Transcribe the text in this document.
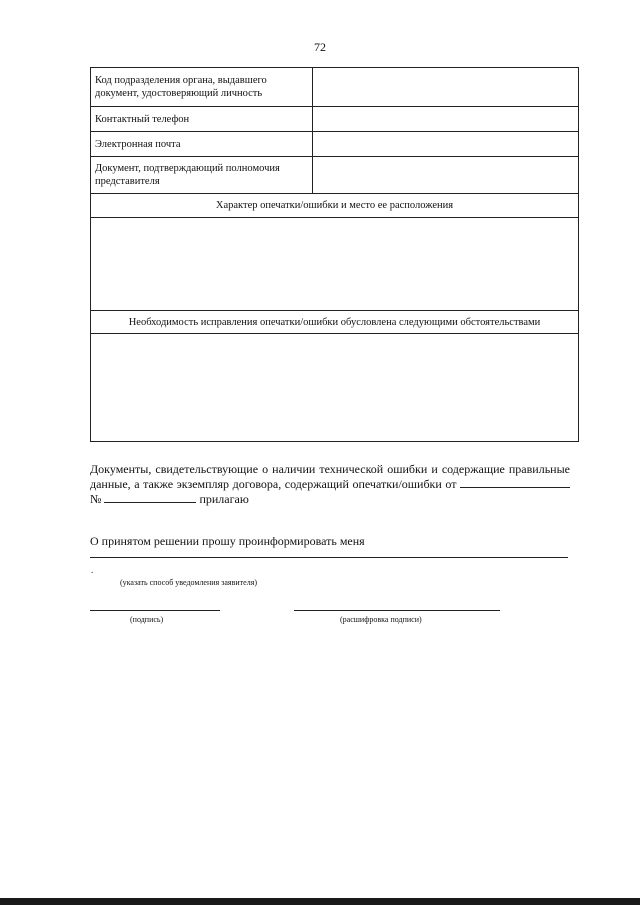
72
Код подразделения органа, выдавшего документ, удостоверяющий личность	
Контактный телефон	
Электронная почта	
Документ, подтверждающий полномочия представителя	
Характер опечатки/ошибки и место ее расположения	

Необходимость исправления опечатки/ошибки обусловлена следующими обстоятельствами	

Документы, свидетельствующие о наличии технической ошибки и содержащие правильные данные, а также экземпляр договора, содержащий опечатки/ошибки от  №	прилагаю

О принятом решении прошу проинформировать меня
.
(указать способ уведомления заявителя)
(подпись)	(расшифровка подписи)
